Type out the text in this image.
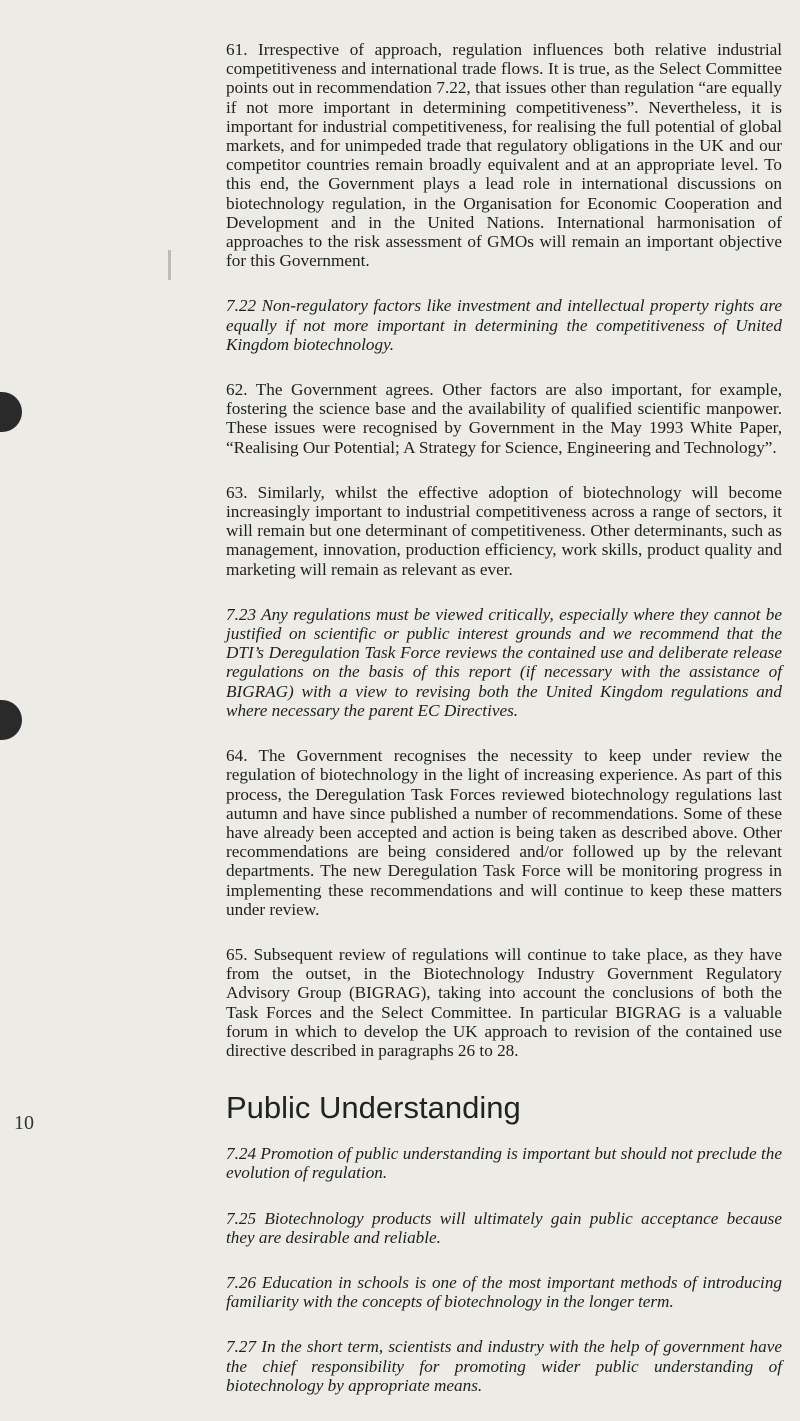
61. Irrespective of approach, regulation influences both relative industrial competitiveness and international trade flows. It is true, as the Select Committee points out in recommendation 7.22, that issues other than regulation “are equally if not more important in determining competitiveness”. Nevertheless, it is important for industrial competitiveness, for realising the full potential of global markets, and for unimpeded trade that regulatory obligations in the UK and our competitor countries remain broadly equivalent and at an appropriate level. To this end, the Government plays a lead role in international discussions on biotechnology regulation, in the Organisation for Economic Cooperation and Development and in the United Nations. International harmonisation of approaches to the risk assessment of GMOs will remain an important objective for this Government.

7.22 Non-regulatory factors like investment and intellectual property rights are equally if not more important in determining the competitiveness of United Kingdom biotechnology.

62. The Government agrees. Other factors are also important, for example, fostering the science base and the availability of qualified scientific manpower. These issues were recognised by Government in the May 1993 White Paper, “Realising Our Potential; A Strategy for Science, Engineering and Technology”.

63. Similarly, whilst the effective adoption of biotechnology will become increasingly important to industrial competitiveness across a range of sectors, it will remain but one determinant of competitiveness. Other determinants, such as management, innovation, production efficiency, work skills, product quality and marketing will remain as relevant as ever.

7.23 Any regulations must be viewed critically, especially where they cannot be justified on scientific or public interest grounds and we recommend that the DTI’s Deregulation Task Force reviews the contained use and deliberate release regulations on the basis of this report (if necessary with the assistance of BIGRAG) with a view to revising both the United Kingdom regulations and where necessary the parent EC Directives.

64. The Government recognises the necessity to keep under review the regulation of biotechnology in the light of increasing experience. As part of this process, the Deregulation Task Forces reviewed biotechnology regulations last autumn and have since published a number of recommendations. Some of these have already been accepted and action is being taken as described above. Other recommendations are being considered and/or followed up by the relevant departments. The new Deregulation Task Force will be monitoring progress in implementing these recommendations and will continue to keep these matters under review.

65. Subsequent review of regulations will continue to take place, as they have from the outset, in the Biotechnology Industry Government Regulatory Advisory Group (BIGRAG), taking into account the conclusions of both the Task Forces and the Select Committee. In particular BIGRAG is a valuable forum in which to develop the UK approach to revision of the contained use directive described in paragraphs 26 to 28.

Public Understanding

7.24 Promotion of public understanding is important but should not preclude the evolution of regulation.

7.25 Biotechnology products will ultimately gain public acceptance because they are desirable and reliable.

7.26 Education in schools is one of the most important methods of introducing familiarity with the concepts of biotechnology in the longer term.

7.27 In the short term, scientists and industry with the help of government have the chief responsibility for promoting wider public understanding of biotechnology by appropriate means.

10
